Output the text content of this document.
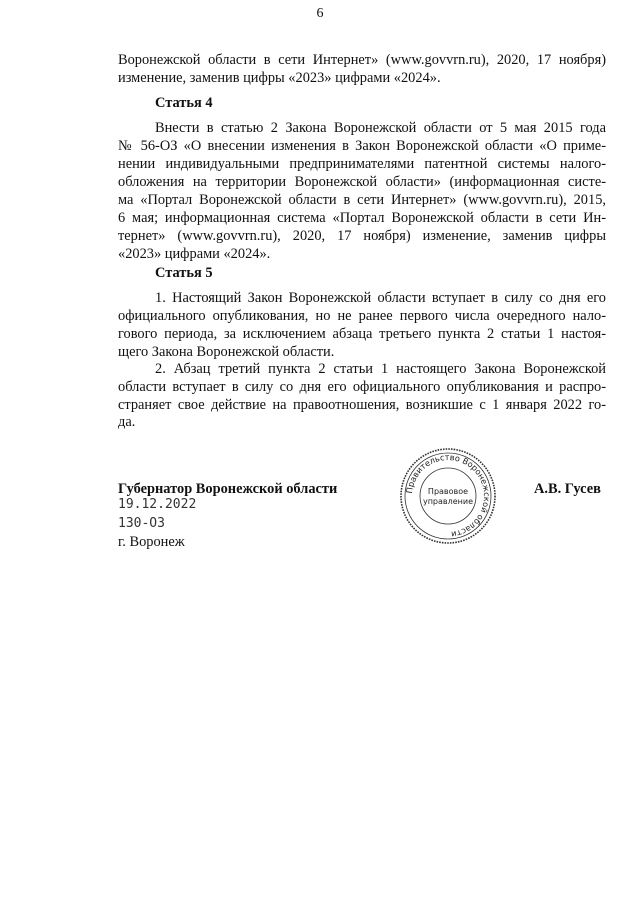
6
Воронежской области в сети Интернет» (www.govvrn.ru), 2020, 17 ноября)
изменение, заменив цифры «2023» цифрами «2024».
Статья 4
Внести в статью 2 Закона Воронежской области от 5 мая 2015 года
№ 56-ОЗ «О внесении изменения в Закон Воронежской области «О приме-
нении индивидуальными предпринимателями патентной системы налого-
обложения на территории Воронежской области» (информационная систе-
ма «Портал Воронежской области в сети Интернет» (www.govvrn.ru), 2015,
6 мая; информационная система «Портал Воронежской области в сети Ин-
тернет» (www.govvrn.ru), 2020, 17 ноября) изменение, заменив цифры
«2023» цифрами «2024».
Статья 5
1. Настоящий Закон Воронежской области вступает в силу со дня его
официального опубликования, но не ранее первого числа очередного нало-
гового периода, за исключением абзаца третьего пункта 2 статьи 1 настоя-
щего Закона Воронежской области.
2. Абзац третий пункта 2 статьи 1 настоящего Закона Воронежской
области вступает в силу со дня его официального опубликования и распро-
страняет свое действие на правоотношения, возникшие с 1 января 2022 го-
да.
Губернатор Воронежской области
19.12.2022
130-ОЗ
г. Воронеж
Правительство Воронежской области
Правовое
управление
А.В. Гусев
